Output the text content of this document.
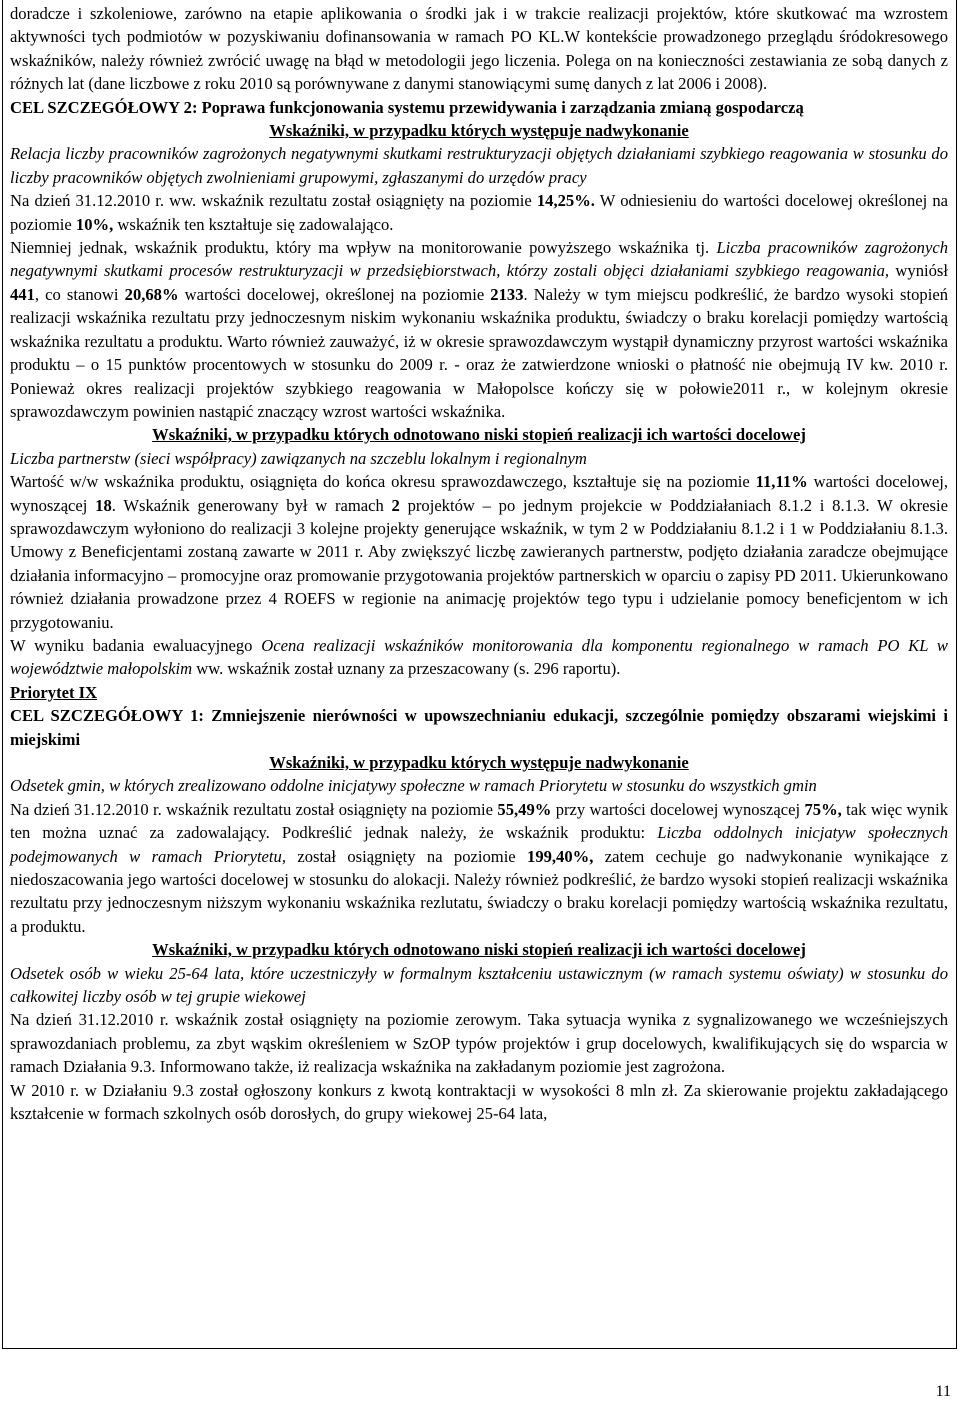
doradcze i szkoleniowe, zarówno na etapie aplikowania o środki jak i w trakcie realizacji projektów, które skutkować ma wzrostem aktywności tych podmiotów w pozyskiwaniu dofinansowania w ramach PO KL.W kontekście prowadzonego przeglądu śródokresowego wskaźników, należy również zwrócić uwagę na błąd w metodologii jego liczenia. Polega on na konieczności zestawiania ze sobą danych z różnych lat (dane liczbowe z roku 2010 są porównywane z danymi stanowiącymi sumę danych z lat 2006 i 2008).

CEL SZCZEGÓŁOWY 2: Poprawa funkcjonowania systemu przewidywania i zarządzania zmianą gospodarczą

Wskaźniki, w przypadku których występuje nadwykonanie

Relacja liczby pracowników zagrożonych negatywnymi skutkami restrukturyzacji objętych działaniami szybkiego reagowania w stosunku do liczby pracowników objętych zwolnieniami grupowymi, zgłaszanymi do urzędów pracy

Na dzień 31.12.2010 r. ww. wskaźnik rezultatu został osiągnięty na poziomie 14,25%. W odniesieniu do wartości docelowej określonej na poziomie 10%, wskaźnik ten kształtuje się zadowalająco.

Niemniej jednak, wskaźnik produktu, który ma wpływ na monitorowanie powyższego wskaźnika tj. Liczba pracowników zagrożonych negatywnymi skutkami procesów restrukturyzacji w przedsiębiorstwach, którzy zostali objęci działaniami szybkiego reagowania, wyniósł 441, co stanowi 20,68% wartości docelowej, określonej na poziomie 2133. Należy w tym miejscu podkreślić, że bardzo wysoki stopień realizacji wskaźnika rezultatu przy jednoczesnym niskim wykonaniu wskaźnika produktu, świadczy o braku korelacji pomiędzy wartością wskaźnika rezultatu a produktu. Warto również zauważyć, iż w okresie sprawozdawczym wystąpił dynamiczny przyrost wartości wskaźnika produktu – o 15 punktów procentowych w stosunku do 2009 r. - oraz że zatwierdzone wnioski o płatność nie obejmują IV kw. 2010 r. Ponieważ okres realizacji projektów szybkiego reagowania w Małopolsce kończy się w połowie2011 r., w kolejnym okresie sprawozdawczym powinien nastąpić znaczący wzrost wartości wskaźnika.

Wskaźniki, w przypadku których odnotowano niski stopień realizacji ich wartości docelowej

Liczba partnerstw (sieci współpracy) zawiązanych na szczeblu lokalnym i regionalnym

Wartość w/w wskaźnika produktu, osiągnięta do końca okresu sprawozdawczego, kształtuje się na poziomie 11,11% wartości docelowej, wynoszącej 18. Wskaźnik generowany był w ramach 2 projektów – po jednym projekcie w Poddziałaniach 8.1.2 i 8.1.3. W okresie sprawozdawczym wyłoniono do realizacji 3 kolejne projekty generujące wskaźnik, w tym 2 w Poddziałaniu 8.1.2 i 1 w Poddziałaniu 8.1.3. Umowy z Beneficjentami zostaną zawarte w 2011 r. Aby zwiększyć liczbę zawieranych partnerstw, podjęto działania zaradcze obejmujące działania informacyjno – promocyjne oraz promowanie przygotowania projektów partnerskich w oparciu o zapisy PD 2011. Ukierunkowano również działania prowadzone przez 4 ROEFS w regionie na animację projektów tego typu i udzielanie pomocy beneficjentom w ich przygotowaniu.

W wyniku badania ewaluacyjnego Ocena realizacji wskaźników monitorowania dla komponentu regionalnego w ramach PO KL w województwie małopolskim ww. wskaźnik został uznany za przeszacowany (s. 296 raportu).

Priorytet IX

CEL SZCZEGÓŁOWY 1: Zmniejszenie nierówności w upowszechnianiu edukacji, szczególnie pomiędzy obszarami wiejskimi i miejskimi

Wskaźniki, w przypadku których występuje nadwykonanie

Odsetek gmin, w których zrealizowano oddolne inicjatywy społeczne w ramach Priorytetu w stosunku do wszystkich gmin

Na dzień 31.12.2010 r. wskaźnik rezultatu został osiągnięty na poziomie 55,49% przy wartości docelowej wynoszącej 75%, tak więc wynik ten można uznać za zadowalający. Podkreślić jednak należy, że wskaźnik produktu: Liczba oddolnych inicjatyw społecznych podejmowanych w ramach Priorytetu, został osiągnięty na poziomie 199,40%, zatem cechuje go nadwykonanie wynikające z niedoszacowania jego wartości docelowej w stosunku do alokacji. Należy również podkreślić, że bardzo wysoki stopień realizacji wskaźnika rezultatu przy jednoczesnym niższym wykonaniu wskaźnika rezlutatu, świadczy o braku korelacji pomiędzy wartością wskaźnika rezultatu, a produktu.

Wskaźniki, w przypadku których odnotowano niski stopień realizacji ich wartości docelowej

Odsetek osób w wieku 25-64 lata, które uczestniczyły w formalnym kształceniu ustawicznym (w ramach systemu oświaty) w stosunku do całkowitej liczby osób w tej grupie wiekowej

Na dzień 31.12.2010 r. wskaźnik został osiągnięty na poziomie zerowym. Taka sytuacja wynika z sygnalizowanego we wcześniejszych sprawozdaniach problemu, za zbyt wąskim określeniem w SzOP typów projektów i grup docelowych, kwalifikujących się do wsparcia w ramach Działania 9.3. Informowano także, iż realizacja wskaźnika na zakładanym poziomie jest zagrożona.

W 2010 r. w Działaniu 9.3 został ogłoszony konkurs z kwotą kontraktacji w wysokości 8 mln zł. Za skierowanie projektu zakładającego kształcenie w formach szkolnych osób dorosłych, do grupy wiekowej 25-64 lata,

11
